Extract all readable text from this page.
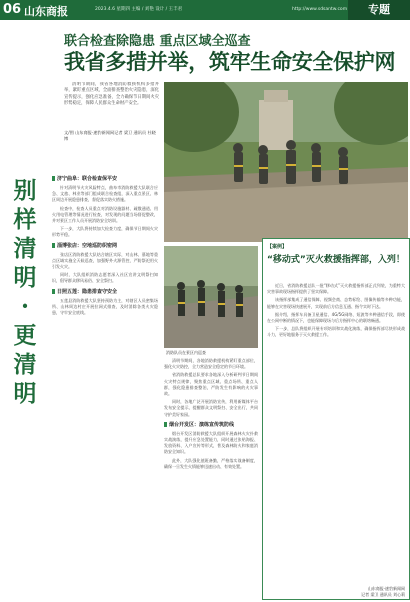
06 山东商报	2023.4.6 星期四 主编 / 刘艳 设计 / 王丰君	http://www.sdsantw.com	专题
联合检查除隐患 重点区域全巡查
我省多措并举，筑牢生命安全保护网

清明节期间，我省各地消防救援机构多措并举，紧盯重点区域，全面排查整治火灾隐患，深化宣传提示，强化应急准备，全力确保节日期间火灾形势稳定，保障人民群众生命财产安全。

文/图 山东商报·速豹新闻网记者 梁卫 通讯员 杜晓博
别
样
清
明
·
更
清
明
济宁曲阜：联合检查保平安

针对清明节火灾风险特点，曲阜市消防救援大队联合应急、文旅、林业等部门组成联合检查组，深入重点景区、林区周边开展隐患排查，督促落实防火措施。

检查中，检查人员重点对消防设施器材、疏散通道、用火用电管理等情况进行检查，对发现的问题当场督促整改，并对景区工作人员开展消防安全培训。

下一步，大队将持续加大检查力度，确保节日期间火灾形势平稳。

淄博张店：空地巡防织密网

张店区消防救援大队结合辖区实际，对山林、墓地等重点区域实施全天候巡查，加强野外火源管控，严防祭祀用火引发火灾。

同时，大队组织消防志愿者深入社区宣讲文明祭扫知识，倡导群众移风易俗、安全祭扫。

日照五莲：隐患排查守安全

五莲县消防救援大队坚持预防为主，对辖区人员密集场所、山林周边村庄开展拉网式排查，及时消除各类火灾隐患，守牢安全底线。

消防队员在景区内巡查

清明节期间，各地消防救援机构紧盯重点部位，强化火灾防控，全力营造安全稳定的节日环境。

省消防救援总队要求各地深入分析研判节日期间火灾特点规律，聚焦重点区域、重点场所、重点人群，强化隐患排查整治，严防发生有影响的火灾事故。

同时，各地广泛开展消防宣传，利用新媒体平台发布安全提示，提醒群众文明祭扫、安全出行，共同守护美好家园。

烟台开发区：演练宣传筑防线

烟台开发区消防救援大队组织开展森林火灾扑救实战演练，提升应急处置能力，同时通过张贴海报、发放资料、入户宣传等形式，普及森林防火和家庭消防安全知识。

此外，大队强化值班备勤，严格落实战备制度，确保一旦发生火情能够迅速出动、有效处置。

【案例】
“移动式”灭火救援指挥部，入列！

近日，省消防救援总队一批“移动式”灭火救援指挥部正式列装，为重特大灾害事故现场指挥提供了坚实保障。

该指挥部集成了通信保障、视频会商、态势标绘、图像传输等多种功能，能够在灾害现场快速展开，实现前后方信息互通、指令实时下达。

据介绍，指挥车具备卫星通信、4G/5G网络、短波等多种通信手段，即使在公网中断的情况下，也能保障现场与后方指挥中心的联络畅通。

下一步，总队将组织开展专项培训和实战化演练，确保指挥部尽快形成战斗力，更好地服务于灭火救援工作。

山东商报·速豹新闻网
记者 梁卫 通讯员 刘心莉
